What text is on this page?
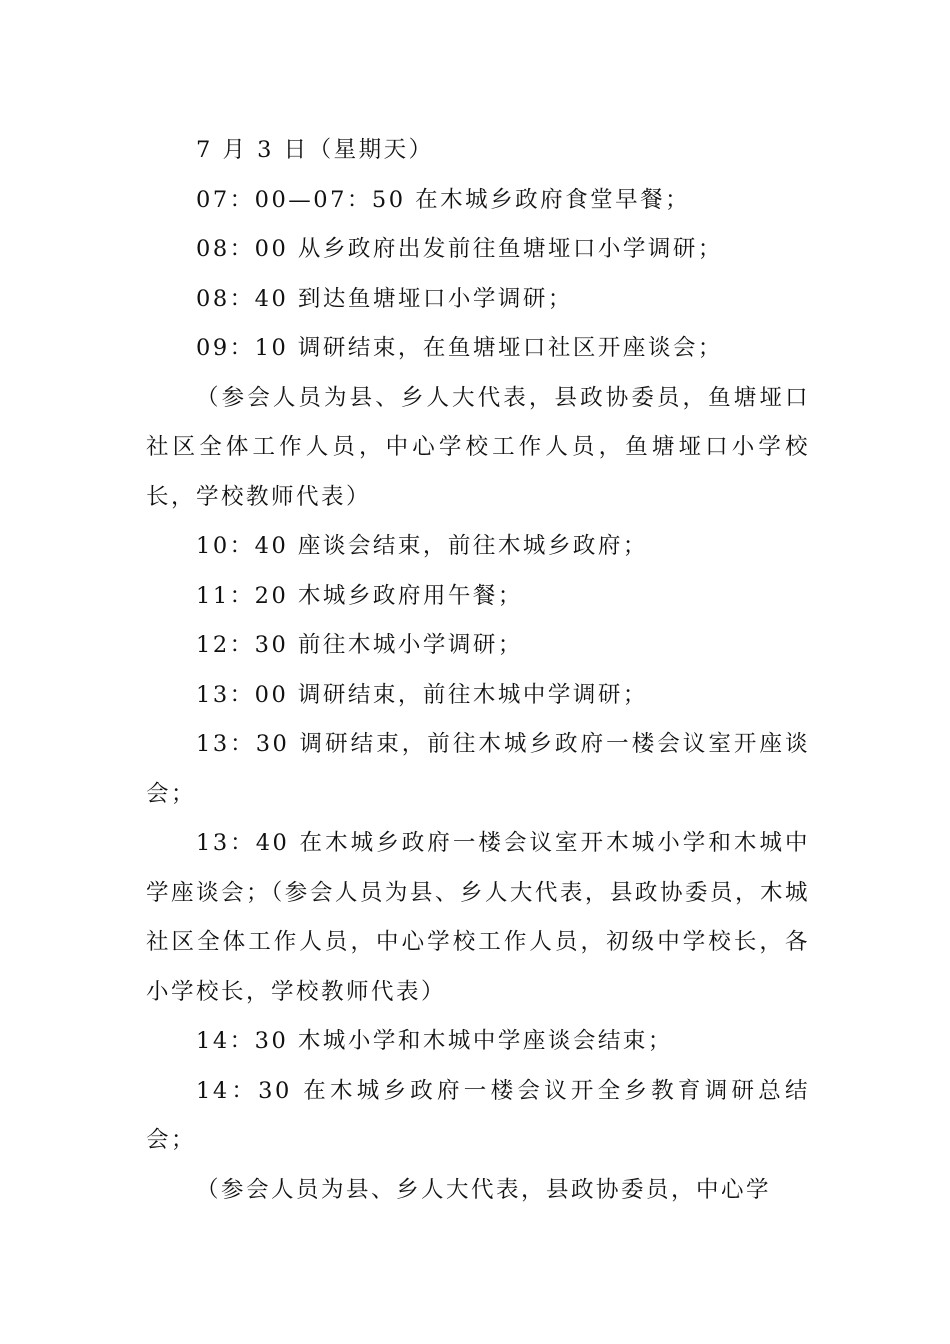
7 月 3 日（星期天）

07：00—07：50 在木城乡政府食堂早餐；

08：00 从乡政府出发前往鱼塘垭口小学调研；

08：40 到达鱼塘垭口小学调研；

09：10 调研结束，在鱼塘垭口社区开座谈会；

（参会人员为县、乡人大代表，县政协委员，鱼塘垭口社区全体工作人员，中心学校工作人员，鱼塘垭口小学校长，学校教师代表）

10：40 座谈会结束，前往木城乡政府；

11：20 木城乡政府用午餐；

12：30 前往木城小学调研；

13：00 调研结束，前往木城中学调研；

13：30 调研结束，前往木城乡政府一楼会议室开座谈会；

13：40 在木城乡政府一楼会议室开木城小学和木城中学座谈会；（参会人员为县、乡人大代表，县政协委员，木城社区全体工作人员，中心学校工作人员，初级中学校长，各小学校长，学校教师代表）

14：30 木城小学和木城中学座谈会结束；

14：30 在木城乡政府一楼会议开全乡教育调研总结会；

（参会人员为县、乡人大代表，县政协委员，中心学
